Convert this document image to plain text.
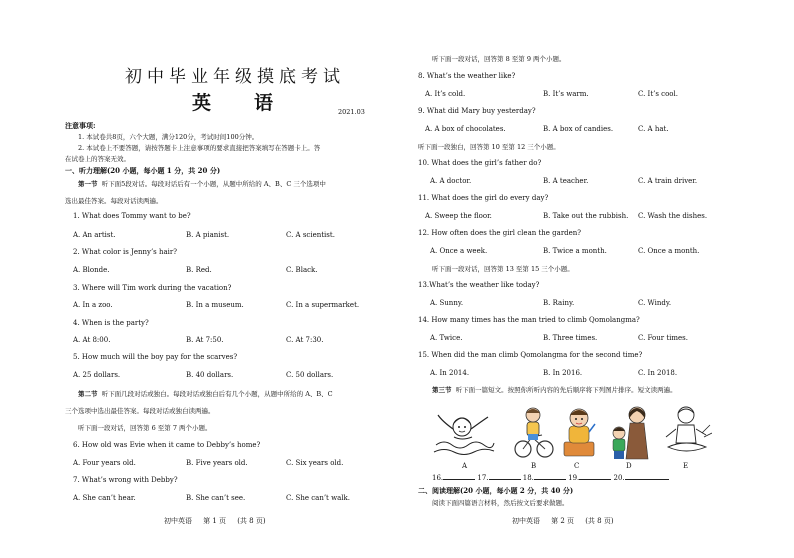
初中毕业年级摸底考试
英　语	2021.03
注意事项:
1. 本试卷共8页，六个大题，满分120分，考试时间100分钟。
2. 本试卷上不要答题，请按答题卡上注意事项的要求直接把答案填写在答题卡上。答
在试卷上的答案无效。
一、听力理解(20 小题，每小题 1 分，共 20 分)
第一节 听下面5段对话。每段对话后有一个小题，从题中所给的 A、B、C 三个选项中
选出最佳答案。每段对话读两遍。
1. What does Tommy want to be?
A. An artist.	B. A pianist.	C. A scientist.
2. What color is Jenny’s hair?
A. Blonde.	B. Red.	C. Black.
3. Where will Tim work during the vacation?
A. In a zoo.	B. In a museum.	C. In a supermarket.
4. When is the party?
A. At 8:00.	B. At 7:50.	C. At 7:30.
5. How much will the boy pay for the scarves?
A. 25 dollars.	B. 40 dollars.	C. 50 dollars.
第二节 听下面几段对话或独白。每段对话或独白后有几个小题，从题中所给的 A、B、C
三个选项中选出最佳答案。每段对话或独白读两遍。
听下面一段对话，回答第 6 至第 7 两个小题。
6. How old was Evie when it came to Debby’s home?
A. Four years old.	B. Five years old.	C. Six years old.
7. What’s wrong with Debby?
A. She can’t hear.	B. She can’t see.	C. She can’t walk.
初中英语 第 1 页 (共 8 页)
听下面一段对话，回答第 8 至第 9 两个小题。
8. What’s the weather like?
A. It’s cold.	B. It’s warm.	C. It’s cool.
9. What did Mary buy yesterday?
A. A box of chocolates.	B. A box of candies.	C. A hat.
听下面一段独白，回答第 10 至第 12 三个小题。
10. What does the girl’s father do?
A. A doctor.	B. A teacher.	C. A train driver.
11. What does the girl do every day?
A. Sweep the floor.	B. Take out the rubbish. C. Wash the dishes.
12. How often does the girl clean the garden?
A. Once a week.	B. Twice a month.	C. Once a month.
听下面一段对话，回答第 13 至第 15 三个小题。
13.What’s the weather like today?
A. Sunny.	B. Rainy.	C. Windy.
14. How many times has the man tried to climb Qomolangma?
A. Twice.	B. Three times.	C. Four times.
15. When did the man climb Qomolangma for the second time?
A. In 2014.	B. In 2016.	C. In 2018.
第三节 听下面一篇短文。按照你所听内容的先后顺序将下列图片排序。短文读两遍。
A	B	C	D	E
16.	17.	18.	19.	20.
二、阅读理解(20 小题，每小题 2 分，共 40 分)
阅读下面四篇语言材料，然后按文后要求做题。
初中英语 第 2 页 (共 8 页)
